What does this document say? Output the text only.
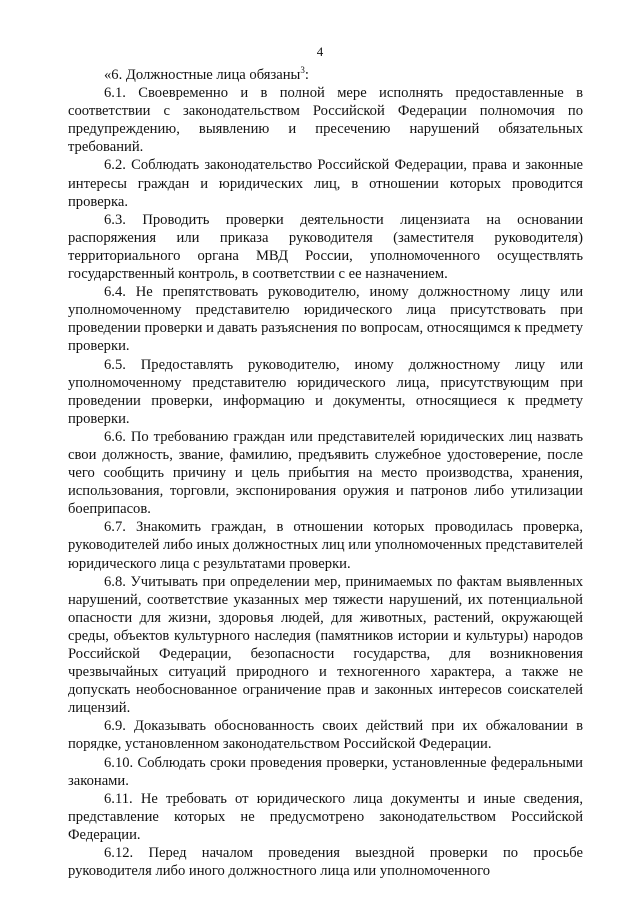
4

«6. Должностные лица обязаны$^3$:

6.1. Своевременно и в полной мере исполнять предоставленные в соответствии с законодательством Российской Федерации полномочия по предупреждению, выявлению и пресечению нарушений обязательных требований.

6.2. Соблюдать законодательство Российской Федерации, права и законные интересы граждан и юридических лиц, в отношении которых проводится проверка.

6.3. Проводить проверки деятельности лицензиата на основании распоряжения или приказа руководителя (заместителя руководителя) территориального органа МВД России, уполномоченного осуществлять государственный контроль, в соответствии с ее назначением.

6.4. Не препятствовать руководителю, иному должностному лицу или уполномоченному представителю юридического лица присутствовать при проведении проверки и давать разъяснения по вопросам, относящимся к предмету проверки.

6.5. Предоставлять руководителю, иному должностному лицу или уполномоченному представителю юридического лица, присутствующим при проведении проверки, информацию и документы, относящиеся к предмету проверки.

6.6. По требованию граждан или представителей юридических лиц назвать свои должность, звание, фамилию, предъявить служебное удостоверение, после чего сообщить причину и цель прибытия на место производства, хранения, использования, торговли, экспонирования оружия и патронов либо утилизации боеприпасов.

6.7. Знакомить граждан, в отношении которых проводилась проверка, руководителей либо иных должностных лиц или уполномоченных представителей юридического лица с результатами проверки.

6.8. Учитывать при определении мер, принимаемых по фактам выявленных нарушений, соответствие указанных мер тяжести нарушений, их потенциальной опасности для жизни, здоровья людей, для животных, растений, окружающей среды, объектов культурного наследия (памятников истории и культуры) народов Российской Федерации, безопасности государства, для возникновения чрезвычайных ситуаций природного и техногенного характера, а также не допускать необоснованное ограничение прав и законных интересов соискателей лицензий.

6.9. Доказывать обоснованность своих действий при их обжаловании в порядке, установленном законодательством Российской Федерации.

6.10. Соблюдать сроки проведения проверки, установленные федеральными законами.

6.11. Не требовать от юридического лица документы и иные сведения, представление которых не предусмотрено законодательством Российской Федерации.

6.12. Перед началом проведения выездной проверки по просьбе руководителя либо иного должностного лица или уполномоченного
